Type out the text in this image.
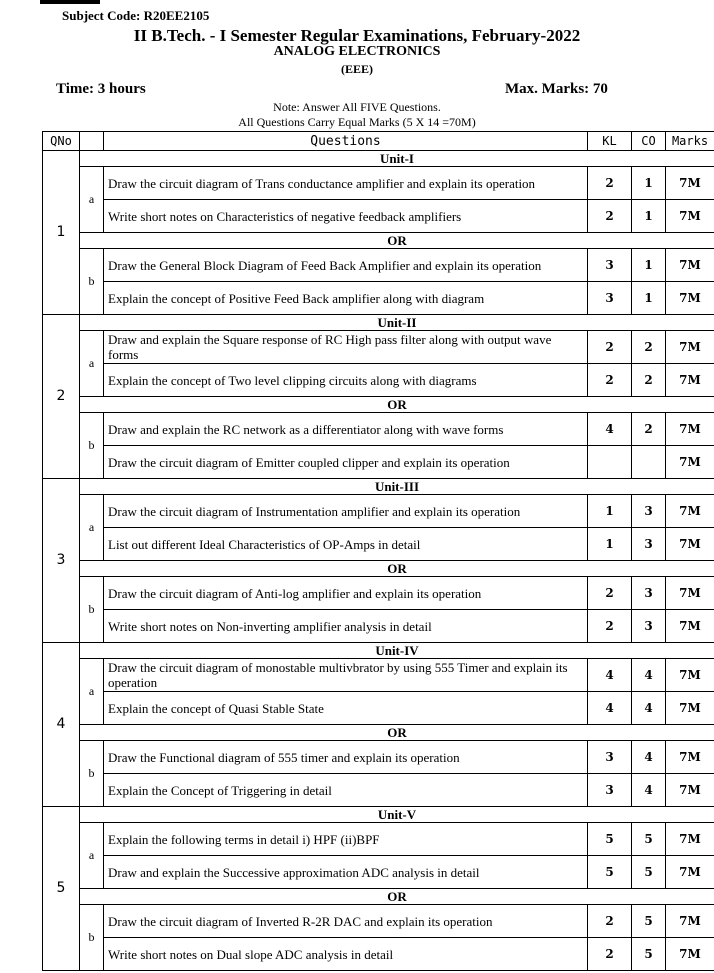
Subject Code: R20EE2105
II B.Tech. - I Semester Regular Examinations, February-2022
ANALOG ELECTRONICS
(EEE)
Time: 3 hours	Max. Marks: 70
Note: Answer All FIVE Questions.
All Questions Carry Equal Marks (5 X 14 =70M)
QNo		Questions	KL	CO	Marks
1	Unit-I				
	a	Draw the circuit diagram of Trans conductance amplifier and explain its operation	2	1	7M
		Write short notes on Characteristics of negative feedback amplifiers	2	1	7M
	OR				
	b	Draw the General Block Diagram of Feed Back Amplifier and explain its operation	3	1	7M
		Explain the concept of Positive Feed Back amplifier along with diagram	3	1	7M
2	Unit-II				
	a	Draw and explain the Square response of RC High pass filter along with output wave forms	2	2	7M
		Explain the concept of Two level clipping circuits along with diagrams	2	2	7M
	OR				
	b	Draw and explain the RC network as a differentiator along with wave forms	4	2	7M
		Draw the circuit diagram of Emitter coupled clipper and explain its operation			7M
3	Unit-III				
	a	Draw the circuit diagram of Instrumentation amplifier and explain its operation	1	3	7M
		List out different Ideal Characteristics of OP-Amps in detail	1	3	7M
	OR				
	b	Draw the circuit diagram of Anti-log amplifier and explain its operation	2	3	7M
		Write short notes on Non-inverting amplifier analysis in detail	2	3	7M
4	Unit-IV				
	a	Draw the circuit diagram of monostable multivbrator by using 555 Timer and explain its operation	4	4	7M
		Explain the concept of Quasi Stable State	4	4	7M
	OR				
	b	Draw the Functional diagram of 555 timer and explain its operation	3	4	7M
		Explain the Concept of Triggering in detail	3	4	7M
5	Unit-V				
	a	Explain the following terms in detail i) HPF (ii)BPF	5	5	7M
		Draw and explain the Successive approximation ADC analysis in detail	5	5	7M
	OR				
	b	Draw the circuit diagram of Inverted R-2R DAC and explain its operation	2	5	7M
		Write short notes on Dual slope ADC analysis in detail	2	5	7M
